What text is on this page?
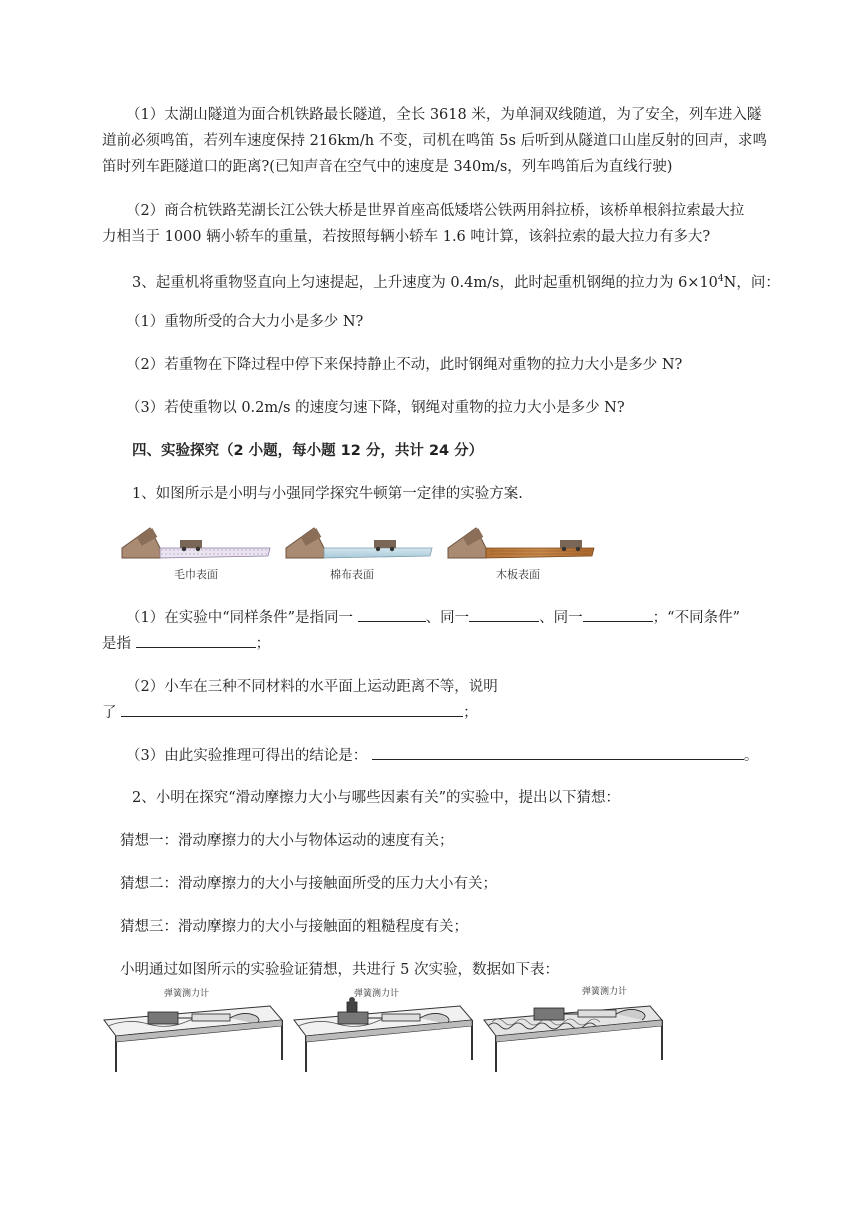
（1）太湖山隧道为面合机铁路最长隧道，全长 3618 米，为单洞双线随道，为了安全，列车进入隧
道前必须鸣笛，若列车速度保持 216km/h 不变，司机在鸣笛 5s 后听到从隧道口山崖反射的回声，求鸣
笛时列车距隧道口的距离?(已知声音在空气中的速度是 340m/s，列车鸣笛后为直线行驶)
（2）商合杭铁路芜湖长江公铁大桥是世界首座高低矮塔公铁两用斜拉桥，该桥单根斜拉索最大拉
力相当于 1000 辆小轿车的重量，若按照每辆小轿车 1.6 吨计算，该斜拉索的最大拉力有多大?
3、起重机将重物竖直向上匀速提起，上升速度为 0.4m/s，此时起重机钢绳的拉力为 $6\times 10^4N$，问：
（1）重物所受的合大力小是多少 N?
（2）若重物在下降过程中停下来保持静止不动，此时钢绳对重物的拉力大小是多少 N?
（3）若使重物以 0.2m/s 的速度匀速下降，钢绳对重物的拉力大小是多少 N?
四、实验探究（2 小题，每小题 12 分，共计 24 分）
1、如图所示是小明与小强同学探究牛顿第一定律的实验方案.
毛巾表面	棉布表面	木板表面
（1）在实验中“同样条件”是指同一	、同一	、同一	；“不同条件”
是指	；
（2）小车在三种不同材料的水平面上运动距离不等，说明
了	；
（3）由此实验推理可得出的结论是：	。
2、小明在探究“滑动摩擦力大小与哪些因素有关”的实验中，提出以下猜想：
猜想一：滑动摩擦力的大小与物体运动的速度有关；
猜想二：滑动摩擦力的大小与接触面所受的压力大小有关；
猜想三：滑动摩擦力的大小与接触面的粗糙程度有关；
小明通过如图所示的实验验证猜想，共进行 5 次实验，数据如下表：
弹簧测力计	弹簧测力计	弹簧测力计
